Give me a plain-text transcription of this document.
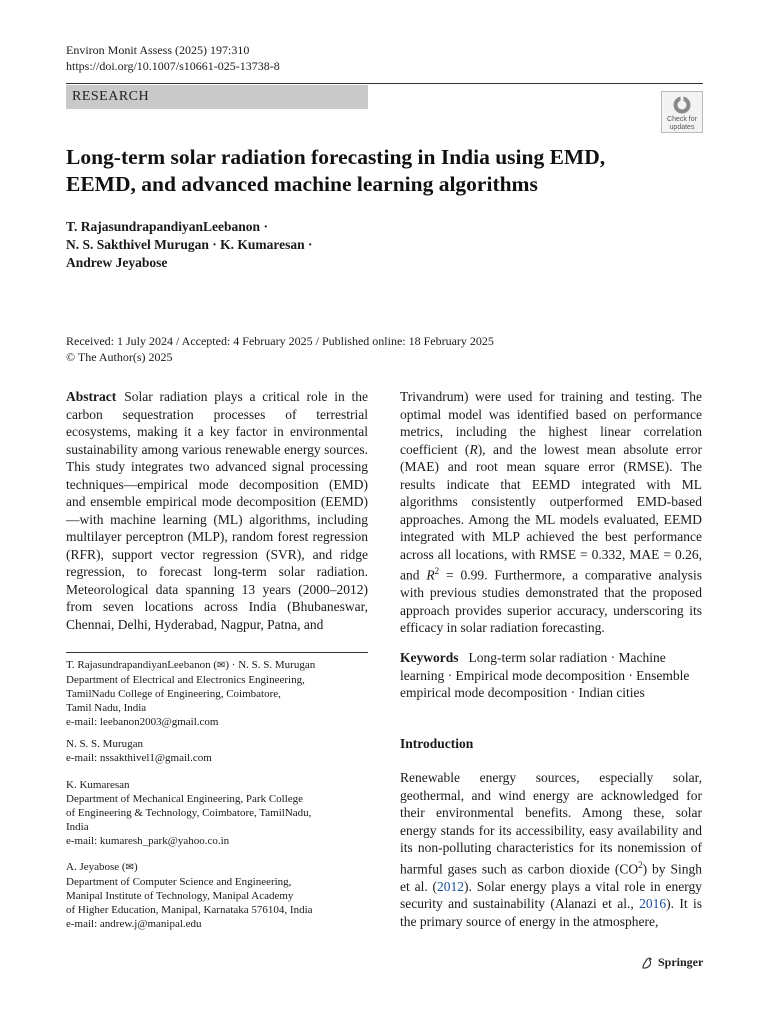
Environ Monit Assess (2025) 197:310
https://doi.org/10.1007/s10661-025-13738-8
RESEARCH
Check for
updates
Long-term solar radiation forecasting in India using EMD, EEMD, and advanced machine learning algorithms
T. RajasundrapandiyanLeebanon ·
N. S. Sakthivel Murugan · K. Kumaresan ·
Andrew Jeyabose
Received: 1 July 2024 / Accepted: 4 February 2025 / Published online: 18 February 2025
© The Author(s) 2025
Abstract Solar radiation plays a critical role in the carbon sequestration processes of terrestrial ecosystems, making it a key factor in environmental sustainability among various renewable energy sources. This study integrates two advanced signal processing techniques—empirical mode decomposition (EMD) and ensemble empirical mode decomposition (EEMD)—with machine learning (ML) algorithms, including multilayer perceptron (MLP), random forest regression (RFR), support vector regression (SVR), and ridge regression, to forecast long-term solar radiation. Meteorological data spanning 13 years (2000–2012) from seven locations across India (Bhubaneswar, Chennai, Delhi, Hyderabad, Nagpur, Patna, and
Trivandrum) were used for training and testing. The optimal model was identified based on performance metrics, including the highest linear correlation coefficient (R), and the lowest mean absolute error (MAE) and root mean square error (RMSE). The results indicate that EEMD integrated with ML algorithms consistently outperformed EMD-based approaches. Among the ML models evaluated, EEMD integrated with MLP achieved the best performance across all locations, with RMSE = 0.332, MAE = 0.26, and $R^2 = 0.99$. Furthermore, a comparative analysis with previous studies demonstrated that the proposed approach provides superior accuracy, underscoring its efficacy in solar radiation forecasting.
Keywords Long-term solar radiation · Machine learning · Empirical mode decomposition · Ensemble empirical mode decomposition · Indian cities
Introduction
Renewable energy sources, especially solar, geothermal, and wind energy are acknowledged for their environmental benefits. Among these, solar energy stands for its accessibility, easy availability and its non-polluting characteristics for its nonemission of harmful gases such as carbon dioxide $(CO^2)$ by Singh et al. (2012). Solar energy plays a vital role in energy security and sustainability (Alanazi et al., 2016). It is the primary source of energy in the atmosphere,
T. RajasundrapandiyanLeebanon (✉) · N. S. S. Murugan
Department of Electrical and Electronics Engineering,
TamilNadu College of Engineering, Coimbatore,
Tamil Nadu, India
e-mail: leebanon2003@gmail.com
N. S. S. Murugan
e-mail: nssakthivel1@gmail.com
K. Kumaresan
Department of Mechanical Engineering, Park College
of Engineering & Technology, Coimbatore, TamilNadu,
India
e-mail: kumaresh_park@yahoo.co.in
A. Jeyabose (✉)
Department of Computer Science and Engineering,
Manipal Institute of Technology, Manipal Academy
of Higher Education, Manipal, Karnataka 576104, India
e-mail: andrew.j@manipal.edu
Springer
